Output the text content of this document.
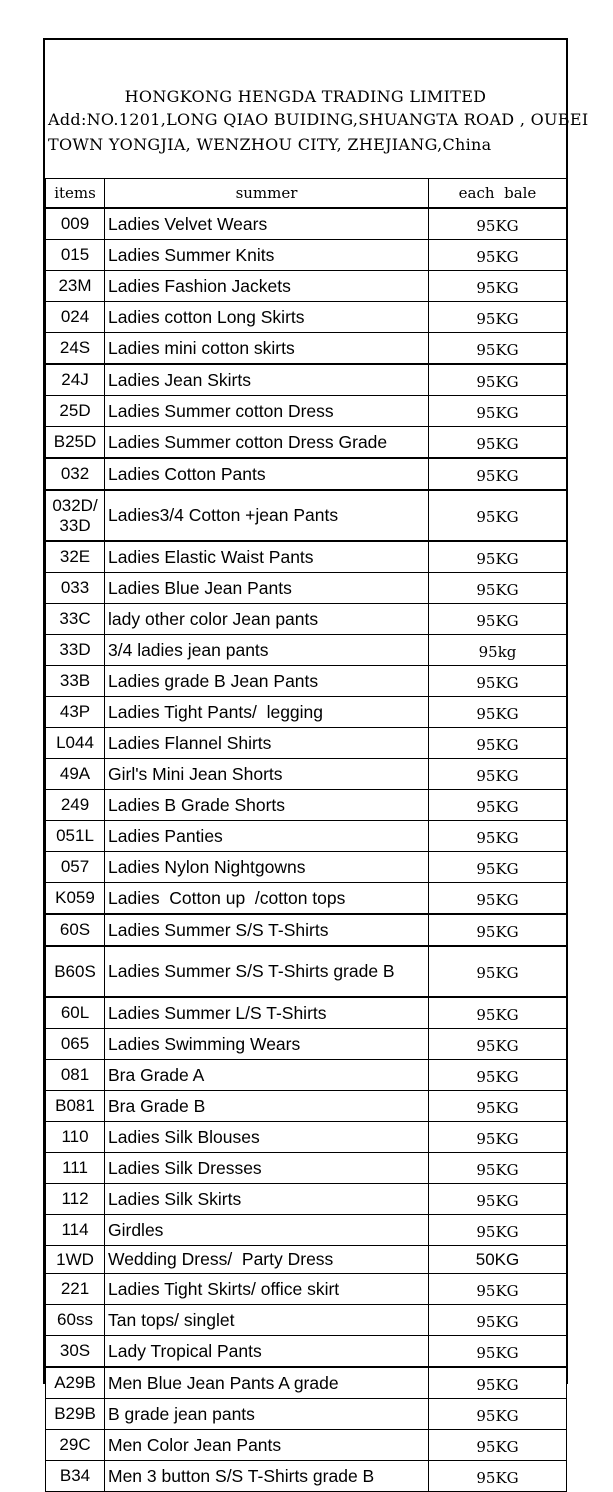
HONGKONG HENGDA TRADING LIMITED
Add:NO.1201,LONG QIAO BUIDING,SHUANGTA ROAD , OUBEI
TOWN YONGJIA, WENZHOU CITY, ZHEJIANG,China
items	summer	each  bale
009	Ladies Velvet Wears	95KG
015	Ladies Summer Knits	95KG
23M	Ladies Fashion Jackets	95KG
024	Ladies cotton Long Skirts	95KG
24S	Ladies mini cotton skirts	95KG
24J	Ladies Jean Skirts	95KG
25D	Ladies Summer cotton Dress	95KG
B25D	Ladies Summer cotton Dress Grade	95KG
032	Ladies Cotton Pants	95KG
032D/ 33D	Ladies3/4 Cotton +jean Pants	95KG
32E	Ladies Elastic Waist Pants	95KG
033	Ladies Blue Jean Pants	95KG
33C	lady other color Jean pants	95KG
33D	3/4 ladies jean pants	95kg
33B	Ladies grade B Jean Pants	95KG
43P	Ladies Tight Pants/  legging	95KG
L044	Ladies Flannel Shirts	95KG
49A	Girl's Mini Jean Shorts	95KG
249	Ladies B Grade Shorts	95KG
051L	Ladies Panties	95KG
057	Ladies Nylon Nightgowns	95KG
K059	Ladies  Cotton up  /cotton tops	95KG
60S	Ladies Summer S/S T-Shirts	95KG
B60S	Ladies Summer S/S T-Shirts grade B	95KG
60L	Ladies Summer L/S T-Shirts	95KG
065	Ladies Swimming Wears	95KG
081	Bra Grade A	95KG
B081	Bra Grade B	95KG
110	Ladies Silk Blouses	95KG
111	Ladies Silk Dresses	95KG
112	Ladies Silk Skirts	95KG
114	Girdles	95KG
1WD	Wedding Dress/  Party Dress	50KG
221	Ladies Tight Skirts/ office skirt	95KG
60ss	Tan tops/ singlet	95KG
30S	Lady Tropical Pants	95KG
A29B	Men Blue Jean Pants A grade	95KG
B29B	B grade jean pants	95KG
29C	Men Color Jean Pants	95KG
B34	Men 3 button S/S T-Shirts grade B	95KG
